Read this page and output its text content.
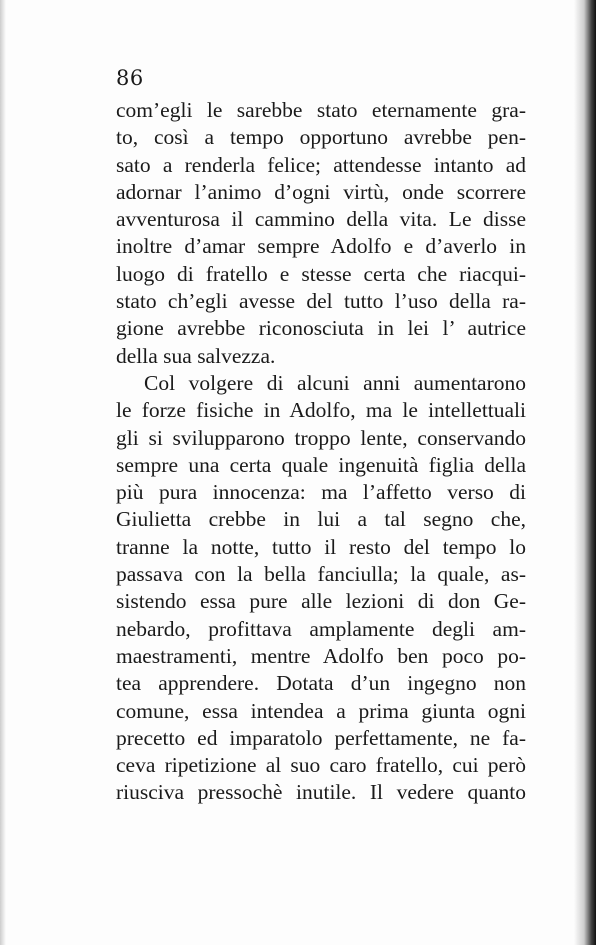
86
com’egli le sarebbe stato eternamente gra-
to, così a tempo opportuno avrebbe pen-
sato a renderla felice; attendesse intanto ad
adornar l’animo d’ogni virtù, onde scorrere
avventurosa il cammino della vita. Le disse
inoltre d’amar sempre Adolfo e d’averlo in
luogo di fratello e stesse certa che riacqui-
stato ch’egli avesse del tutto l’uso della ra-
gione avrebbe riconosciuta in lei l’ autrice
della sua salvezza.
Col volgere di alcuni anni aumentarono
le forze fisiche in Adolfo, ma le intellettuali
gli si svilupparono troppo lente, conservando
sempre una certa quale ingenuità figlia della
più pura innocenza: ma l’affetto verso di
Giulietta crebbe in lui a tal segno che,
tranne la notte, tutto il resto del tempo lo
passava con la bella fanciulla; la quale, as-
sistendo essa pure alle lezioni di don Ge-
nebardo, profittava amplamente degli am-
maestramenti, mentre Adolfo ben poco po-
tea apprendere. Dotata d’un ingegno non
comune, essa intendea a prima giunta ogni
precetto ed imparatolo perfettamente, ne fa-
ceva ripetizione al suo caro fratello, cui però
riusciva pressochè inutile. Il vedere quanto
